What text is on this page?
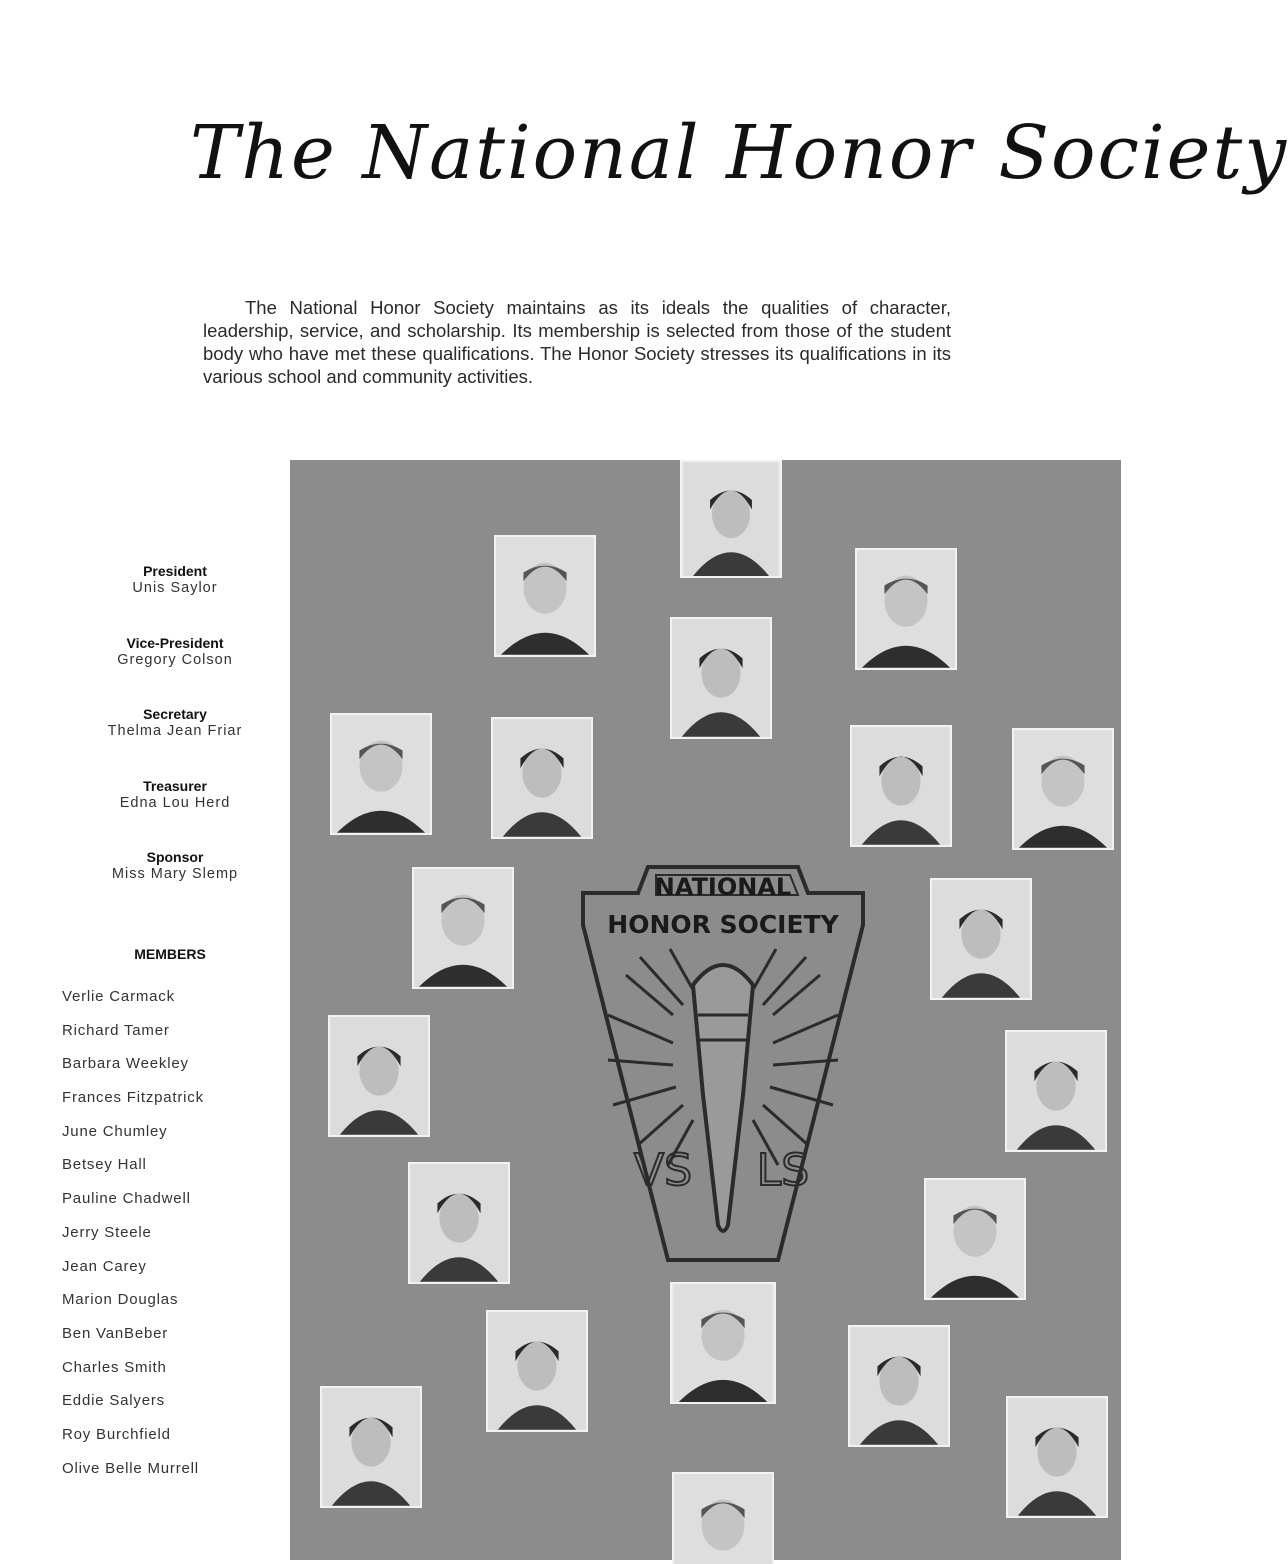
The National Honor Society

The National Honor Society maintains as its ideals the qualities of character, leadership, service, and scholarship. Its membership is selected from those of the student body who have met these qualifications. The Honor Society stresses its qualifications in its various school and community activities.

President
Unis Saylor
Vice-President
Gregory Colson
Secretary
Thelma Jean Friar
Treasurer
Edna Lou Herd
Sponsor
Miss Mary Slemp
MEMBERS
Verlie Carmack
Richard Tamer
Barbara Weekley
Frances Fitzpatrick
June Chumley
Betsey Hall
Pauline Chadwell
Jerry Steele
Jean Carey
Marion Douglas
Ben VanBeber
Charles Smith
Eddie Salyers
Roy Burchfield
Olive Belle Murrell
NATIONAL
HONOR SOCIETY
VS LS
